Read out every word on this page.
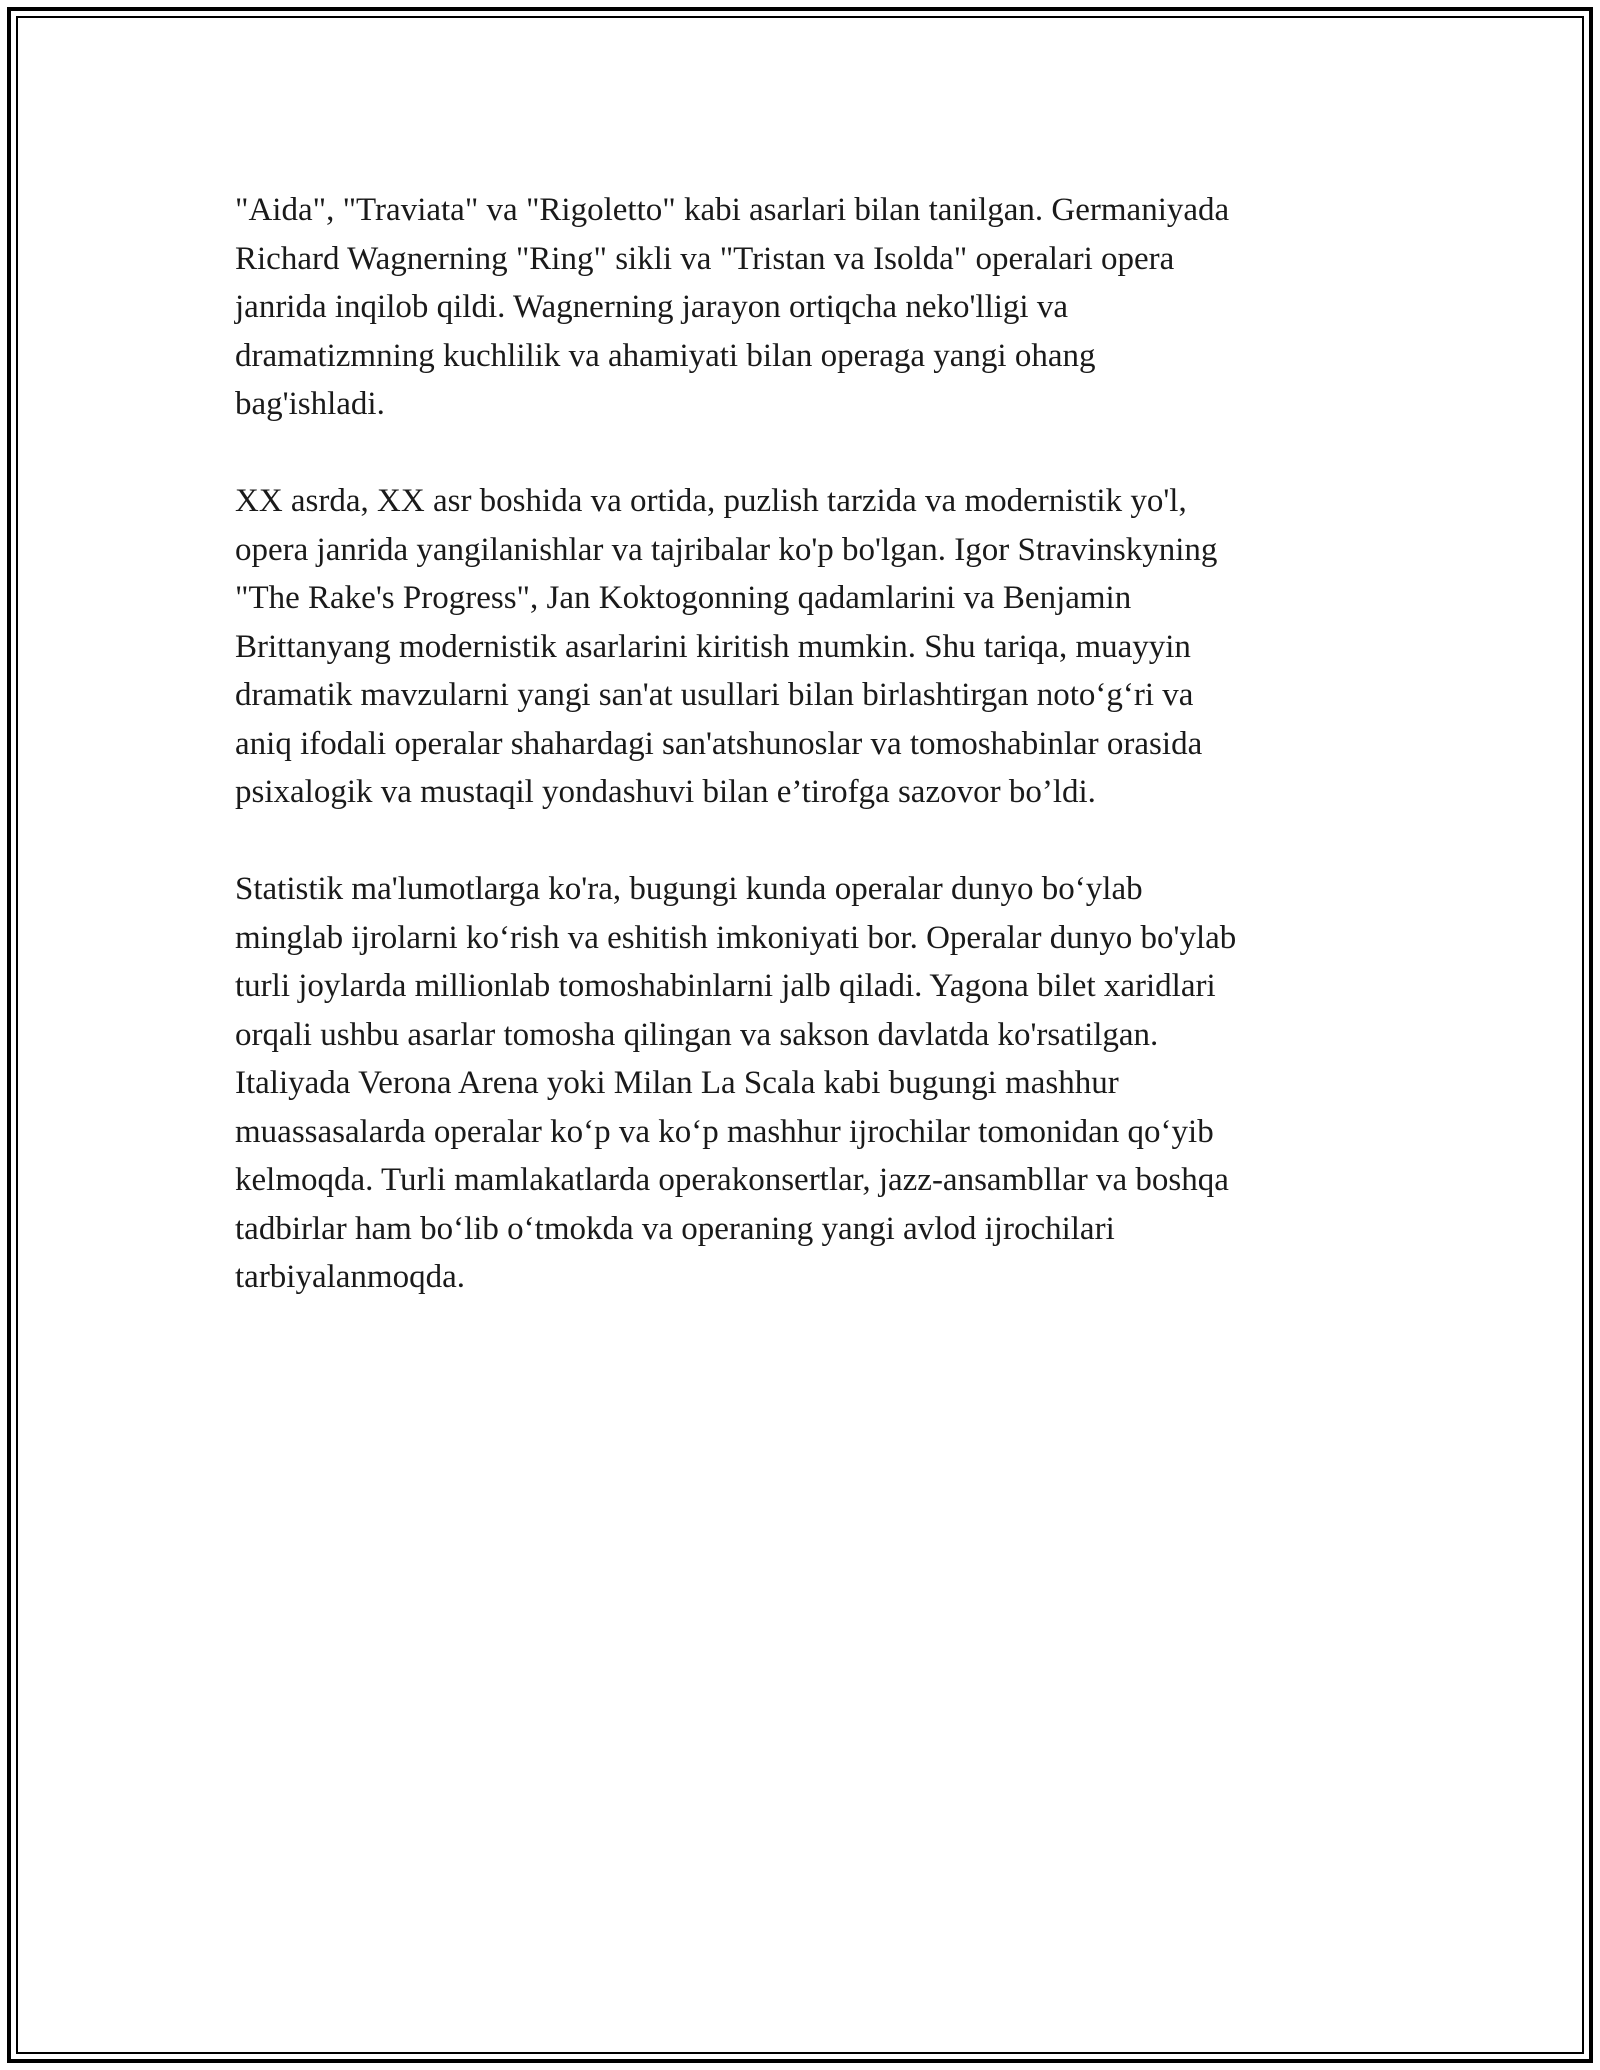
"Aida", "Traviata" va "Rigoletto" kabi asarlari bilan tanilgan. Germaniyada
Richard Wagnerning "Ring" sikli va "Tristan va Isolda" operalari opera
janrida inqilob qildi. Wagnerning jarayon ortiqcha neko'lligi va
dramatizmning kuchlilik va ahamiyati bilan operaga yangi ohang
bag'ishladi.

XX asrda, XX asr boshida va ortida, puzlish tarzida va modernistik yo'l,
opera janrida yangilanishlar va tajribalar ko'p bo'lgan. Igor Stravinskyning
"The Rake's Progress", Jan Koktogonning qadamlarini va Benjamin
Brittanyang modernistik asarlarini kiritish mumkin. Shu tariqa, muayyin
dramatik mavzularni yangi san'at usullari bilan birlashtirgan noto‘g‘ri va
aniq ifodali operalar shahardagi san'atshunoslar va tomoshabinlar orasida
psixalogik va mustaqil yondashuvi bilan e’tirofga sazovor bo’ldi.

Statistik ma'lumotlarga ko'ra, bugungi kunda operalar dunyo bo‘ylab
minglab ijrolarni ko‘rish va eshitish imkoniyati bor. Operalar dunyo bo'ylab
turli joylarda millionlab tomoshabinlarni jalb qiladi. Yagona bilet xaridlari
orqali ushbu asarlar tomosha qilingan va sakson davlatda ko'rsatilgan.
Italiyada Verona Arena yoki Milan La Scala kabi bugungi mashhur
muassasalarda operalar ko‘p va ko‘p mashhur ijrochilar tomonidan qo‘yib
kelmoqda. Turli mamlakatlarda operakonsertlar, jazz-ansambllar va boshqa
tadbirlar ham bo‘lib o‘tmokda va operaning yangi avlod ijrochilari
tarbiyalanmoqda.
